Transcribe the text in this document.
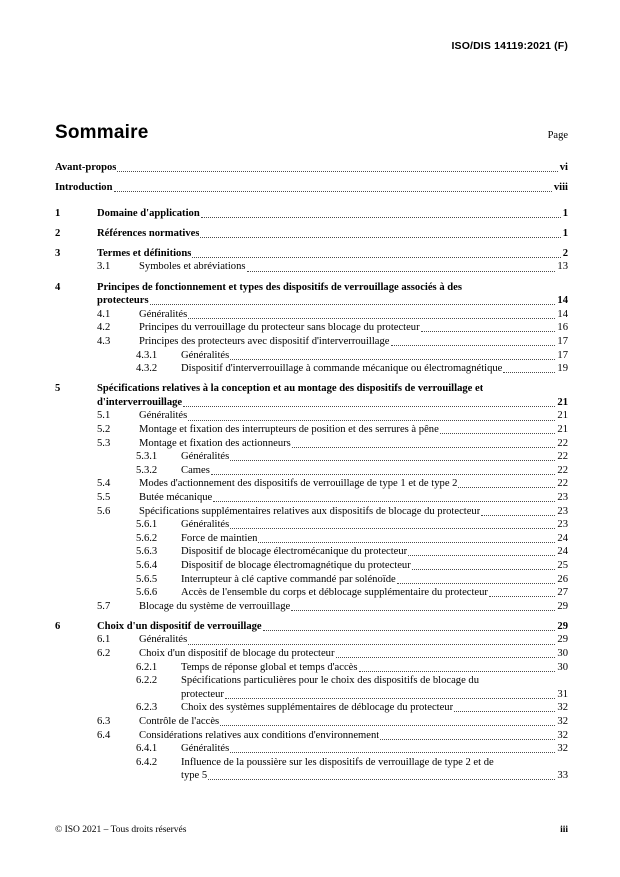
ISO/DIS 14119:2021 (F)
Sommaire	Page
Avant-propos	vi
Introduction	viii
1	Domaine d'application	1
2	Références normatives	1
3	Termes et définitions	2
3.1	Symboles et abréviations	13
4	Principes de fonctionnement et types des dispositifs de verrouillage associés à des
protecteurs	14
4.1	Généralités	14
4.2	Principes du verrouillage du protecteur sans blocage du protecteur	16
4.3	Principes des protecteurs avec dispositif d'interverrouillage	17
4.3.1	Généralités	17
4.3.2	Dispositif d'interverrouillage à commande mécanique ou électromagnétique	19
5	Spécifications relatives à la conception et au montage des dispositifs de verrouillage et
d'interverrouillage	21
5.1	Généralités	21
5.2	Montage et fixation des interrupteurs de position et des serrures à pêne	21
5.3	Montage et fixation des actionneurs	22
5.3.1	Généralités	22
5.3.2	Cames	22
5.4	Modes d'actionnement des dispositifs de verrouillage de type 1 et de type 2	22
5.5	Butée mécanique	23
5.6	Spécifications supplémentaires relatives aux dispositifs de blocage du protecteur	23
5.6.1	Généralités	23
5.6.2	Force de maintien	24
5.6.3	Dispositif de blocage électromécanique du protecteur	24
5.6.4	Dispositif de blocage électromagnétique du protecteur	25
5.6.5	Interrupteur à clé captive commandé par solénoïde	26
5.6.6	Accès de l'ensemble du corps et déblocage supplémentaire du protecteur	27
5.7	Blocage du système de verrouillage	29
6	Choix d'un dispositif de verrouillage	29
6.1	Généralités	29
6.2	Choix d'un dispositif de blocage du protecteur	30
6.2.1	Temps de réponse global et temps d'accès	30
6.2.2	Spécifications particulières pour le choix des dispositifs de blocage du
protecteur	31
6.2.3	Choix des systèmes supplémentaires de déblocage du protecteur	32
6.3	Contrôle de l'accès	32
6.4	Considérations relatives aux conditions d'environnement	32
6.4.1	Généralités	32
6.4.2	Influence de la poussière sur les dispositifs de verrouillage de type 2 et de
type 5	33
© ISO 2021 – Tous droits réservés	iii
